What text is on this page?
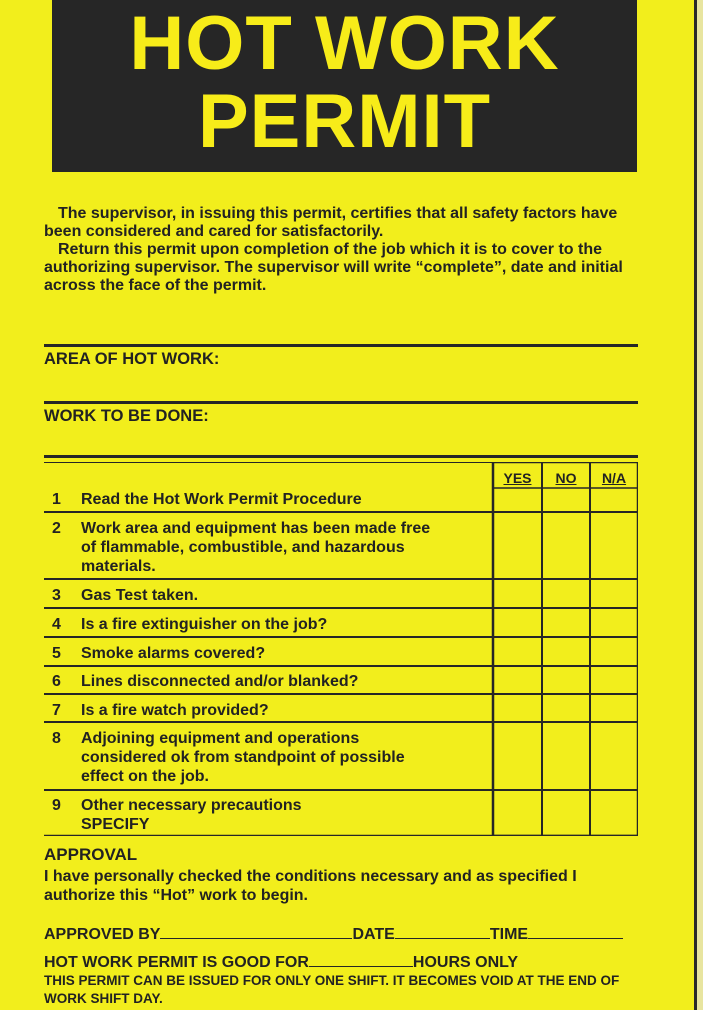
HOT WORK
PERMIT

The supervisor, in issuing this permit, certifies that all safety factors have been considered and cared for satisfactorily.

Return this permit upon completion of the job which it is to cover to the authorizing supervisor. The supervisor will write “complete”, date and initial across the face of the permit.

AREA OF HOT WORK:
WORK TO BE DONE:
YES	NO	N/A
1 Read the Hot Work Permit Procedure
2 Work area and equipment has been made free of flammable, combustible, and hazardous materials.
3 Gas Test taken.
4 Is a fire extinguisher on the job?
5 Smoke alarms covered?
6 Lines disconnected and/or blanked?
7 Is a fire watch provided?
8 Adjoining equipment and operations considered ok from standpoint of possible effect on the job.
9 Other necessary precautions SPECIFY
APPROVAL
I have personally checked the conditions necessary and as specified I authorize this “Hot” work to begin.
APPROVED BY	DATE	TIME
HOT WORK PERMIT IS GOOD FOR	HOURS ONLY
THIS PERMIT CAN BE ISSUED FOR ONLY ONE SHIFT. IT BECOMES VOID AT THE END OF WORK SHIFT DAY.
